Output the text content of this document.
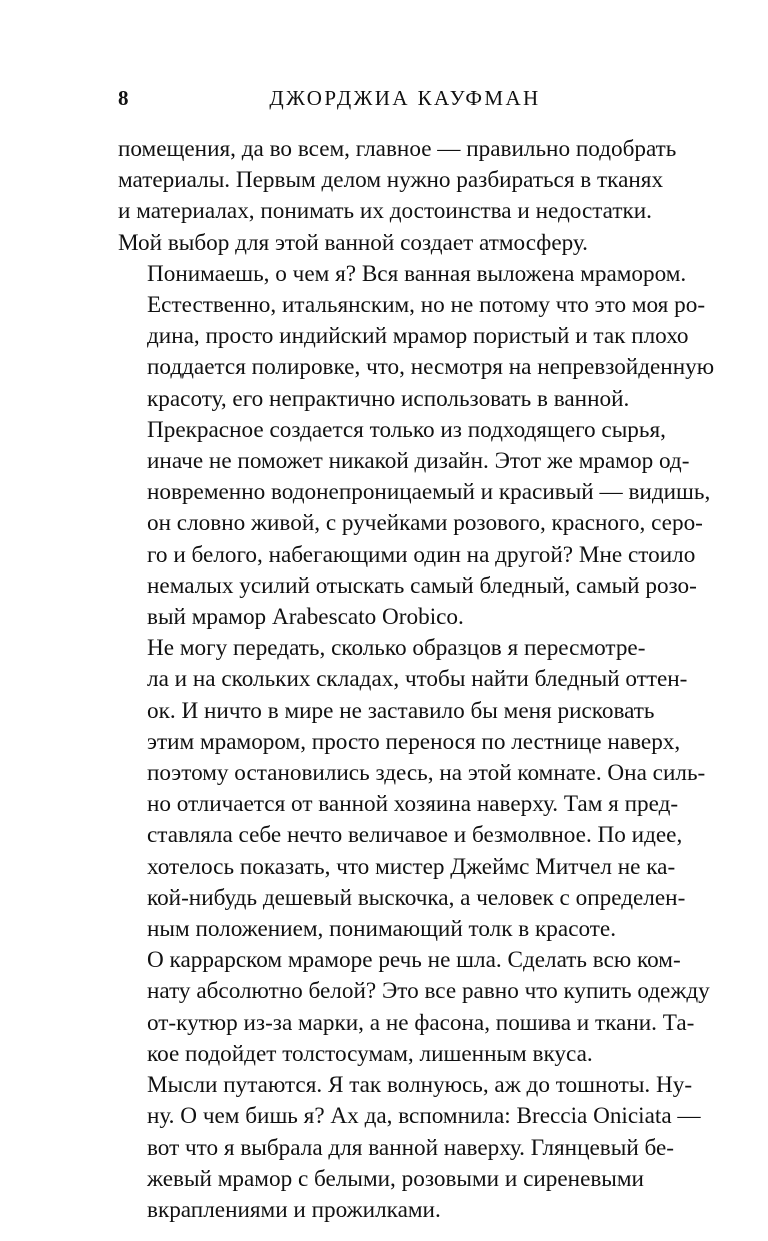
8	ДЖОРДЖИА КАУФМАН

помещения, да во всем, главное — правильно подобрать
материалы. Первым делом нужно разбираться в тканях
и материалах, понимать их достоинства и недостатки.
Мой выбор для этой ванной создает атмосферу.

Понимаешь, о чем я? Вся ванная выложена мрамором.
Естественно, итальянским, но не потому что это моя ро-
дина, просто индийский мрамор пористый и так плохо
поддается полировке, что, несмотря на непревзойденную
красоту, его непрактично использовать в ванной.

Прекрасное создается только из подходящего сырья,
иначе не поможет никакой дизайн. Этот же мрамор од-
новременно водонепроницаемый и красивый — видишь,
он словно живой, с ручейками розового, красного, серо-
го и белого, набегающими один на другой? Мне стоило
немалых усилий отыскать самый бледный, самый розо-
вый мрамор Arabescato Orobico.

Не могу передать, сколько образцов я пересмотре-
ла и на скольких складах, чтобы найти бледный оттен-
ок. И ничто в мире не заставило бы меня рисковать
этим мрамором, просто перенося по лестнице наверх,
поэтому остановились здесь, на этой комнате. Она силь-
но отличается от ванной хозяина наверху. Там я пред-
ставляла себе нечто величавое и безмолвное. По идее,
хотелось показать, что мистер Джеймс Митчел не ка-
кой-нибудь дешевый выскочка, а человек с определен-
ным положением, понимающий толк в красоте.

О каррарском мраморе речь не шла. Сделать всю ком-
нату абсолютно белой? Это все равно что купить одежду
от-кутюр из-за марки, а не фасона, пошива и ткани. Та-
кое подойдет толстосумам, лишенным вкуса.

Мысли путаются. Я так волнуюсь, аж до тошноты. Ну-
ну. О чем бишь я? Ах да, вспомнила: Breccia Oniciata —
вот что я выбрала для ванной наверху. Глянцевый бе-
жевый мрамор с белыми, розовыми и сиреневыми
вкраплениями и прожилками.
